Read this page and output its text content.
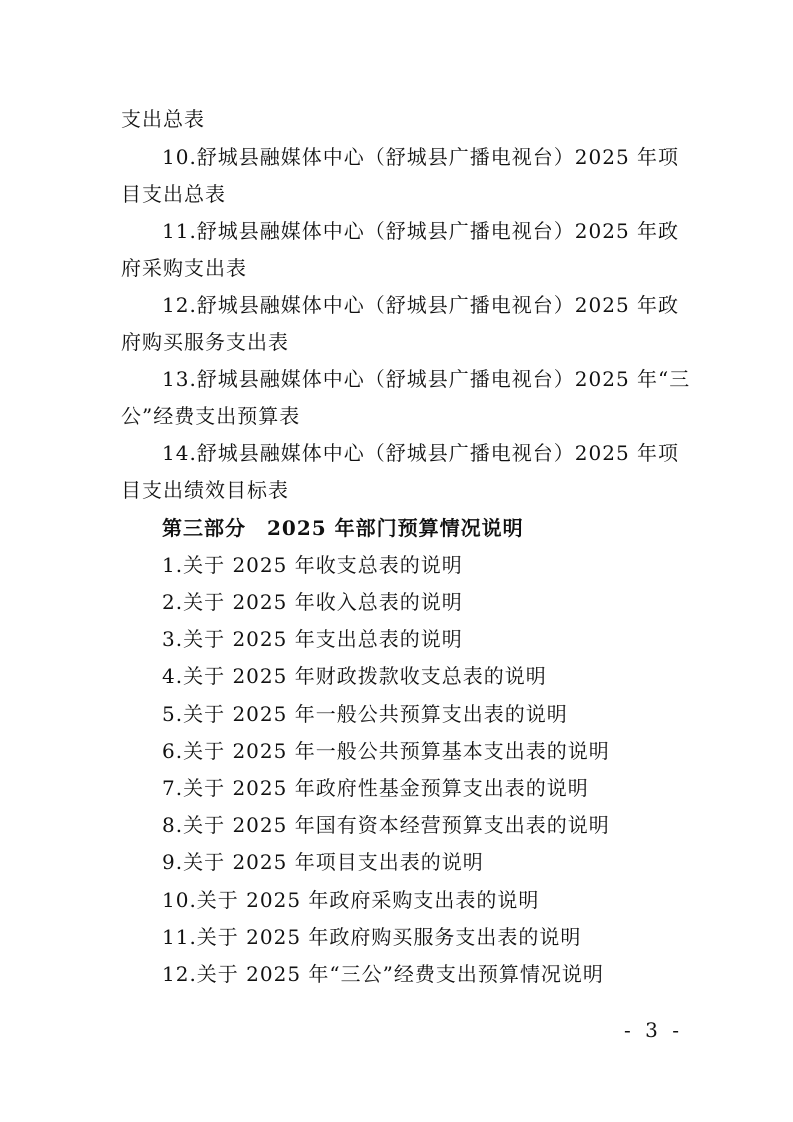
支出总表
10.舒城县融媒体中心（舒城县广播电视台）2025 年项
目支出总表
11.舒城县融媒体中心（舒城县广播电视台）2025 年政
府采购支出表
12.舒城县融媒体中心（舒城县广播电视台）2025 年政
府购买服务支出表
13.舒城县融媒体中心（舒城县广播电视台）2025 年“三
公”经费支出预算表
14.舒城县融媒体中心（舒城县广播电视台）2025 年项
目支出绩效目标表
第三部分　2025 年部门预算情况说明
1.关于 2025 年收支总表的说明
2.关于 2025 年收入总表的说明
3.关于 2025 年支出总表的说明
4.关于 2025 年财政拨款收支总表的说明
5.关于 2025 年一般公共预算支出表的说明
6.关于 2025 年一般公共预算基本支出表的说明
7.关于 2025 年政府性基金预算支出表的说明
8.关于 2025 年国有资本经营预算支出表的说明
9.关于 2025 年项目支出表的说明
10.关于 2025 年政府采购支出表的说明
11.关于 2025 年政府购买服务支出表的说明
12.关于 2025 年“三公”经费支出预算情况说明
- 3 -
